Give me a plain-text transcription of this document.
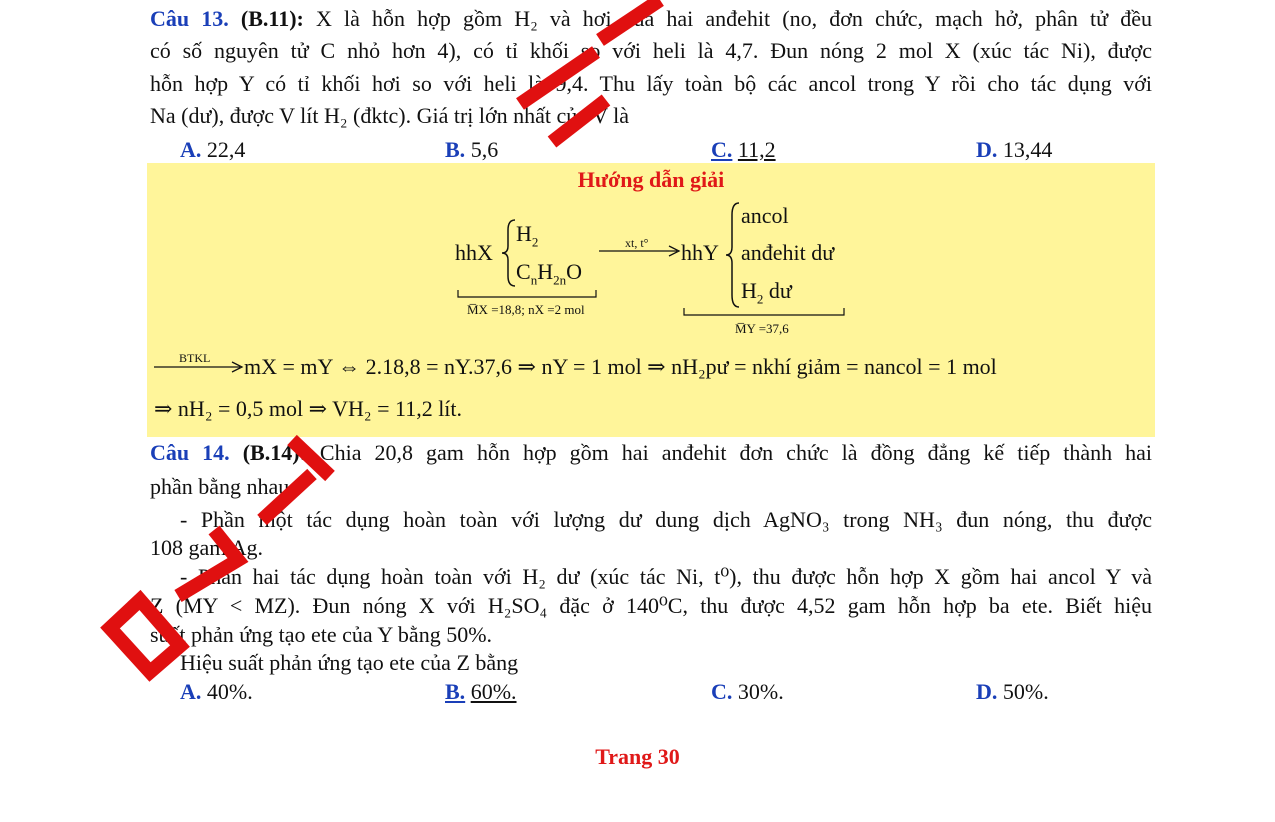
Câu 13. (B.11): X là hỗn hợp gồm H₂ và hơi của hai anđehit (no, đơn chức, mạch hở, phân tử đều
có số nguyên tử C nhỏ hơn 4), có tỉ khối so với heli là 4,7. Đun nóng 2 mol X (xúc tác Ni), được
hỗn hợp Y có tỉ khối hơi so với heli là 9,4. Thu lấy toàn bộ các ancol trong Y rồi cho tác dụng với
Na (dư), được V lít H₂ (đktc). Giá trị lớn nhất của V là
A. 22,4	B. 5,6	C. 11,2	D. 13,44
Hướng dẫn giải
hhX
$H_2$
$C_nH_{2n}O$
M̅X =18,8; nX =2 mol
xt, t° hhY
ancol
anđehit dư
$H_2$ dư
M̅Y =37,6
BTKL mX = mY ⇔ 2.18,8 = nY.37,6 ⇒ nY = 1 mol ⇒ nH₂pư = nkhí giảm = nancol = 1 mol
⇒ nH₂ = 0,5 mol ⇒ VH₂ = 11,2 lít.
Câu 14. (B.14): Chia 20,8 gam hỗn hợp gồm hai anđehit đơn chức là đồng đẳng kế tiếp thành hai
phần bằng nhau:
- Phần một tác dụng hoàn toàn với lượng dư dung dịch AgNO₃ trong NH₃ đun nóng, thu được
108 gam Ag.
- Phần hai tác dụng hoàn toàn với H₂ dư (xúc tác Ni, t⁰), thu được hỗn hợp X gồm hai ancol Y và
Z (MY < MZ). Đun nóng X với H₂SO₄ đặc ở 140⁰C, thu được 4,52 gam hỗn hợp ba ete. Biết hiệu
suất phản ứng tạo ete của Y bằng 50%.
Hiệu suất phản ứng tạo ete của Z bằng
A. 40%.	B. 60%.	C. 30%.	D. 50%.
Trang 30
